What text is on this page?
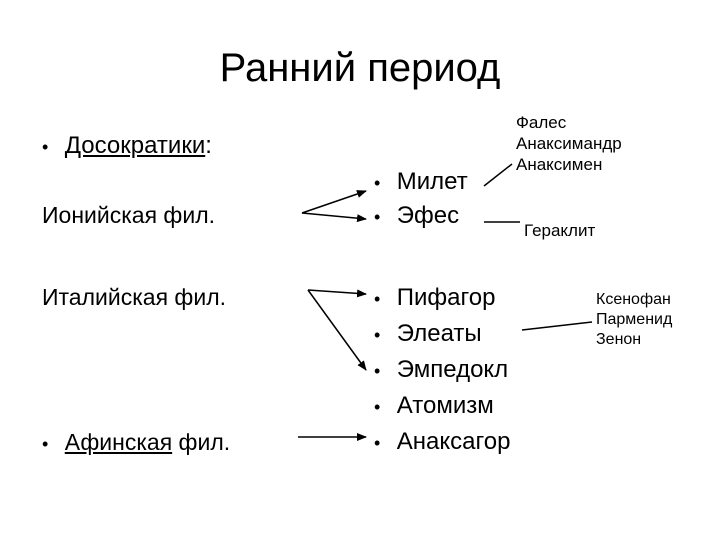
Ранний период
• Досократики:
Ионийская фил.
Италийская фил.
• Афинская фил.
• Милет
• Эфес
• Пифагор
• Элеаты
• Эмпедокл
• Атомизм
• Анаксагор
Фалес
Анаксимандр
Анаксимен
Гераклит
Ксенофан
Парменид
Зенон
